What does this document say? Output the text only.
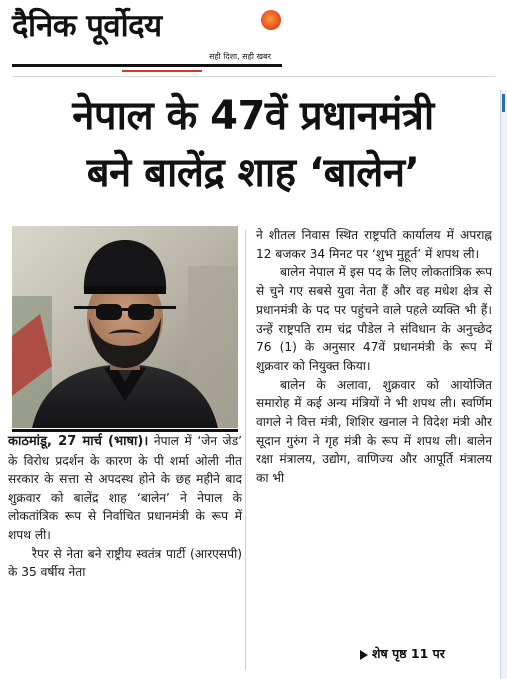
दैनिक पूर्वोदय
सही दिशा, सही खबर
नेपाल के 47वें प्रधानमंत्री
बने बालेंद्र शाह ‘बालेन’

काठमांडू, 27 मार्च (भाषा)। नेपाल में ‘जेन जेड’ के विरोध प्रदर्शन के कारण के पी शर्मा ओली नीत सरकार के सत्ता से अपदस्थ होने के छह महीने बाद शुक्रवार को बालेंद्र शाह ‘बालेन’ ने नेपाल के लोकतांत्रिक रूप से निर्वाचित प्रधानमंत्री के रूप में शपथ ली।

रैपर से नेता बने राष्ट्रीय स्वतंत्र पार्टी (आरएसपी) के 35 वर्षीय नेता

ने शीतल निवास स्थित राष्ट्रपति कार्यालय में अपराह्न 12 बजकर 34 मिनट पर ‘शुभ मुहूर्त’ में शपथ ली।

बालेन नेपाल में इस पद के लिए लोकतांत्रिक रूप से चुने गए सबसे युवा नेता हैं और वह मधेश क्षेत्र से प्रधानमंत्री के पद पर पहुंचने वाले पहले व्यक्ति भी हैं। उन्हें राष्ट्रपति राम चंद्र पौडेल ने संविधान के अनुच्छेद 76 (1) के अनुसार 47वें प्रधानमंत्री के रूप में शुक्रवार को नियुक्त किया।

बालेन के अलावा, शुक्रवार को आयोजित समारोह में कई अन्य मंत्रियों ने भी शपथ ली। स्वर्णिम वागले ने वित्त मंत्री, शिशिर खनाल ने विदेश मंत्री और सूदान गुरुंग ने गृह मंत्री के रूप में शपथ ली। बालेन रक्षा मंत्रालय, उद्योग, वाणिज्य और आपूर्ति मंत्रालय का भी

शेष पृष्ठ 11 पर
